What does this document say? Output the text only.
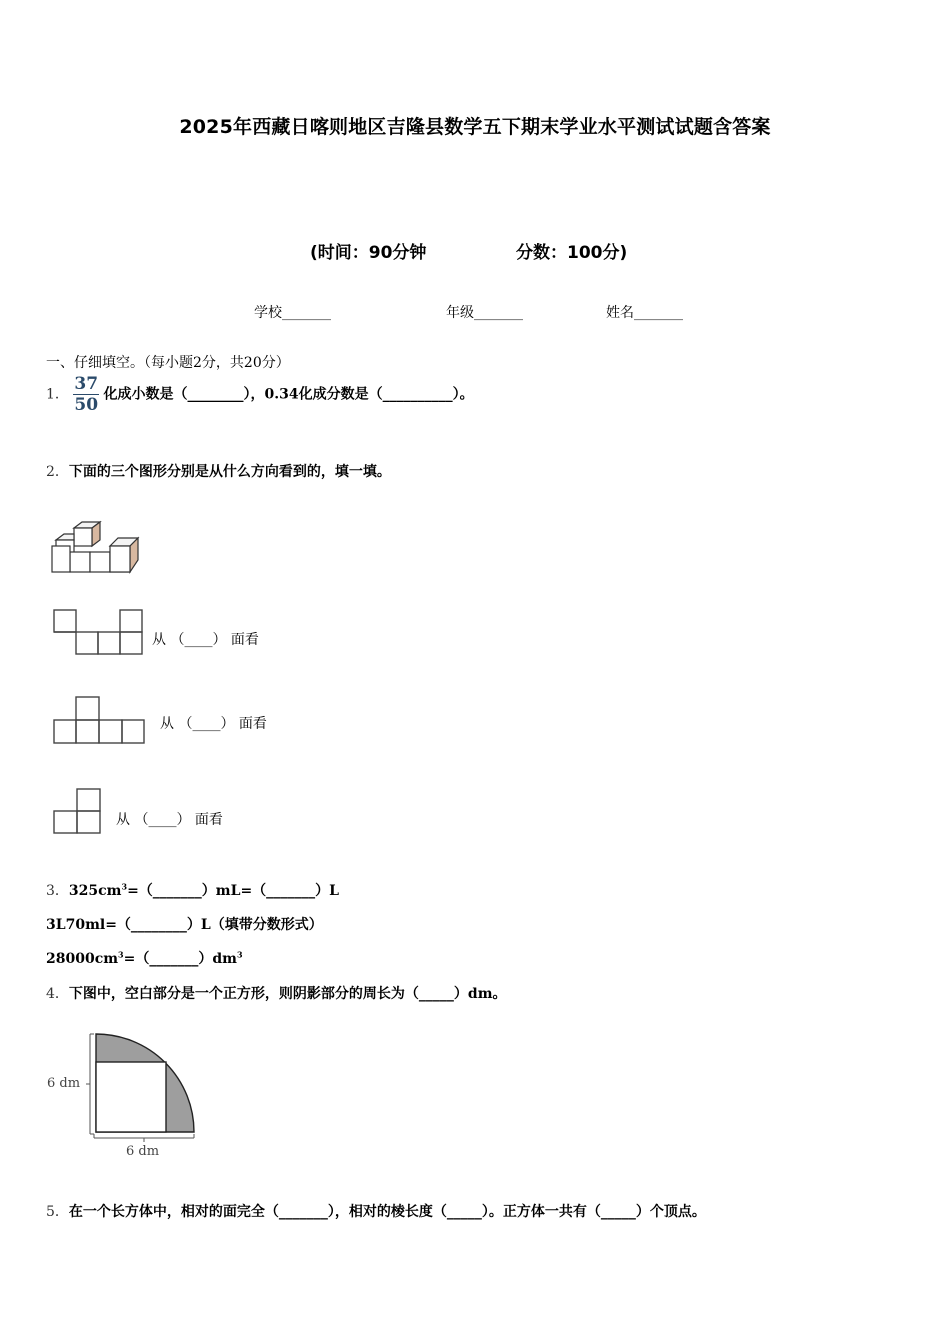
2025年西藏日喀则地区吉隆县数学五下期末学业水平测试试题含答案
(时间：90分钟	分数：100分)
学校_______	年级_______	姓名_______
一、仔细填空。（每小题2分，共20分）
1． $\frac{37}{50}$ 化成小数是（________），0.34化成分数是（__________）。
2．下面的三个图形分别是从什么方向看到的，填一填。
从 （____） 面看
从 （____） 面看
从 （____） 面看
3．$325cm^3=(\_\_\_\_\_\_\_)mL=(\_\_\_\_\_\_\_)L$
3L70ml=（________）L（填带分数形式）
$28000cm^3=(\_\_\_\_\_\_\_)dm^3$
4．下图中，空白部分是一个正方形，则阴影部分的周长为（_____）dm。
6 dm
6 dm
5．在一个长方体中，相对的面完全（_______），相对的棱长度（_____）。正方体一共有（_____）个顶点。
